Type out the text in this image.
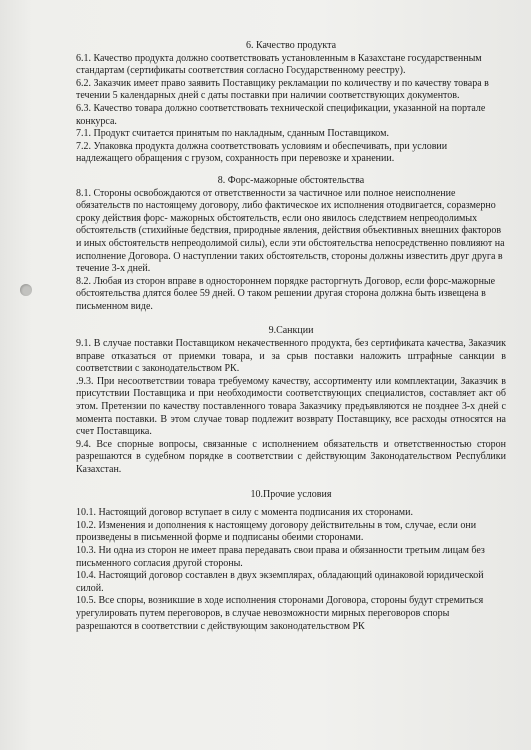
6. Качество продукта

6.1. Качество продукта должно соответствовать установленным в Казахстане государственным стандартам (сертификаты соответствия согласно Государственному реестру).

6.2. Заказчик имеет право заявить Поставщику рекламации по количеству и по качеству товара в течении 5 календарных дней с даты поставки при наличии соответствующих документов.

6.3. Качество товара должно соответствовать технической спецификации, указанной на портале конкурса.

7.1. Продукт считается принятым по накладным, сданным Поставщиком.

7.2. Упаковка продукта должна соответствовать условиям и обеспечивать, при условии надлежащего обращения с грузом, сохранность при перевозке и хранении.

8. Форс-мажорные обстоятельства

8.1. Стороны освобождаются от ответственности за частичное или полное неисполнение обязательств по настоящему договору, либо фактическое их исполнения отодвигается, соразмерно сроку действия форс- мажорных обстоятельств, если оно явилось следствием непреодолимых обстоятельств (стихийные бедствия, природные явления, действия объективных внешних факторов и иных обстоятельств непреодолимой силы), если эти обстоятельства непосредственно повлияют на исполнение Договора. О наступлении таких обстоятельств, стороны должны известить друг друга в течение 3-х дней.

8.2. Любая из сторон вправе в одностороннем порядке расторгнуть Договор, если форс-мажорные обстоятельства длятся более 59 дней. О таком решении другая сторона должна быть извещена в письменном виде.

9.Санкции

9.1. В случае поставки Поставщиком некачественного продукта, без сертификата качества, Заказчик вправе отказаться от приемки товара, и за срыв поставки наложить штрафные санкции в соответствии с законодательством РК.

.9.3. При несоответствии товара требуемому качеству, ассортименту или комплектации, Заказчик в присутствии Поставщика и при необходимости соответствующих специалистов, составляет акт об этом. Претензии по качеству поставленного товара Заказчику предъявляются не позднее 3-х дней с момента поставки. В этом случае товар подлежит возврату Поставщику, все расходы относятся на счет Поставщика.

9.4. Все спорные вопросы, связанные с исполнением обязательств и ответственностью сторон разрешаются в судебном порядке в соответствии с действующим Законодательством Республики Казахстан.

10.Прочие условия

10.1. Настоящий договор вступает в силу с момента подписания их сторонами.

10.2. Изменения и дополнения к настоящему договору действительны в том, случае, если они произведены в письменной форме и подписаны обеими сторонами.

10.3. Ни одна из сторон не имеет права передавать свои права и обязанности третьим лицам без письменного согласия другой стороны.

10.4. Настоящий договор составлен в двух экземплярах, обладающий одинаковой юридической силой.

10.5. Все споры, возникшие в ходе исполнения сторонами Договора, стороны будут стремиться урегулировать путем переговоров, в случае невозможности мирных переговоров споры разрешаются в соответствии с действующим законодательством РК
